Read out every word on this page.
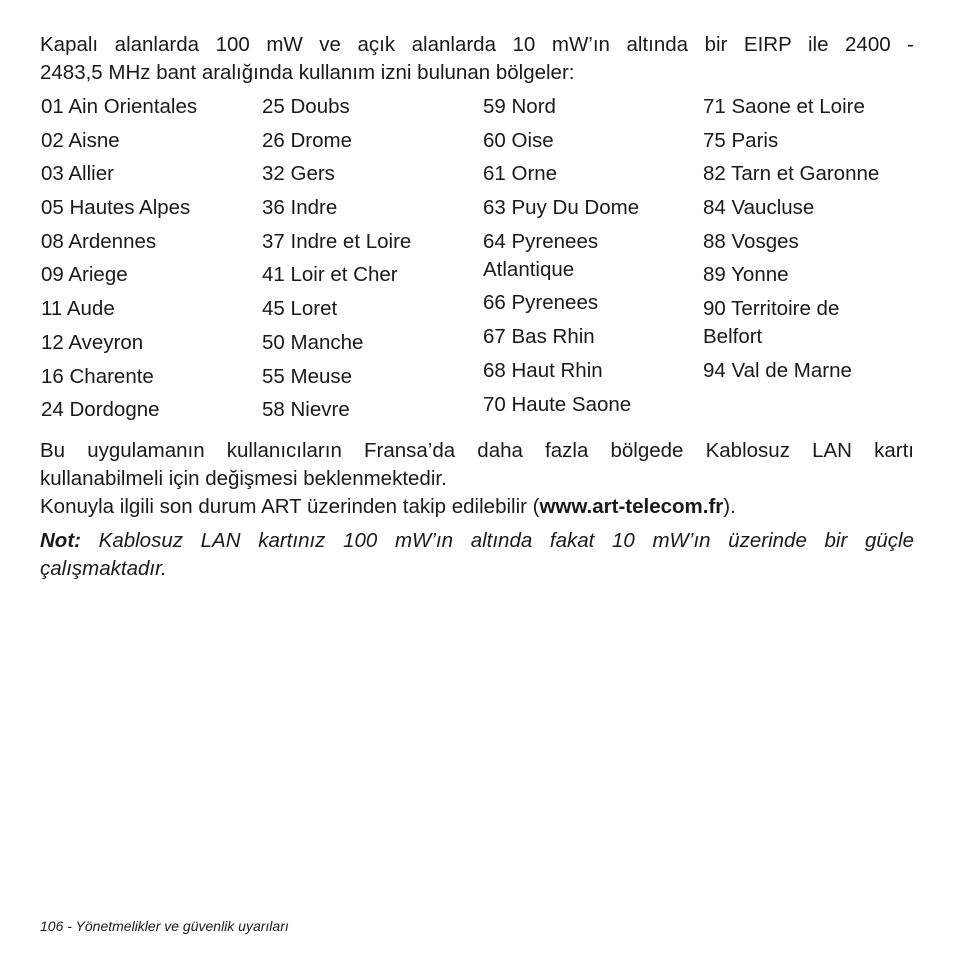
Kapalı alanlarda 100 mW ve açık alanlarda 10 mW’ın altında bir EIRP ile 2400 -
2483,5 MHz bant aralığında kullanım izni bulunan bölgeler:

01 Ain Orientales
02 Aisne
03 Allier
05 Hautes Alpes
08 Ardennes
09 Ariege
11 Aude
12 Aveyron
16 Charente
24 Dordogne
25 Doubs
26 Drome
32 Gers
36 Indre
37 Indre et Loire
41 Loir et Cher
45 Loret
50 Manche
55 Meuse
58 Nievre
59 Nord
60 Oise
61 Orne
63 Puy Du Dome
64 Pyrenees Atlantique
66 Pyrenees
67 Bas Rhin
68 Haut Rhin
70 Haute Saone
71 Saone et Loire
75 Paris
82 Tarn et Garonne
84 Vaucluse
88 Vosges
89 Yonne
90 Territoire de Belfort
94 Val de Marne

Bu uygulamanın kullanıcıların Fransa’da daha fazla bölgede Kablosuz LAN kartı
kullanabilmeli için değişmesi beklenmektedir.
Konuyla ilgili son durum ART üzerinden takip edilebilir (www.art-telecom.fr).

Not: Kablosuz LAN kartınız 100 mW’ın altında fakat 10 mW’ın üzerinde bir güçle
çalışmaktadır.

106 - Yönetmelikler ve güvenlik uyarıları
